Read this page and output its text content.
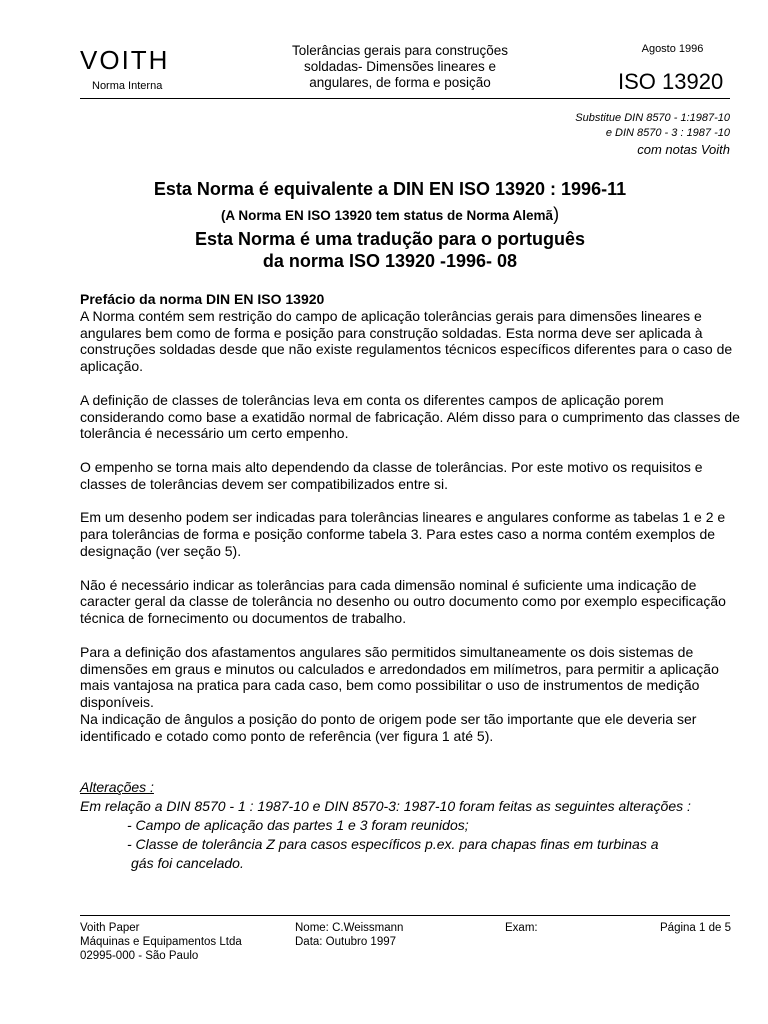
VOITH
Norma Interna
Tolerâncias gerais para construções
soldadas- Dimensões lineares e
angulares, de forma e posição
Agosto 1996
ISO 13920
Substitue DIN 8570 - 1:1987-10
e DIN 8570 - 3 : 1987 -10
com notas Voith
Esta Norma é equivalente a DIN EN ISO 13920 : 1996-11
(A Norma EN ISO 13920 tem status de Norma Alemã)
Esta Norma é uma tradução para o português
da norma ISO 13920 -1996- 08
Prefácio da norma DIN EN ISO 13920

A Norma contém sem restrição do campo de aplicação tolerâncias gerais para dimensões lineares e angulares bem como de forma e posição para construção soldadas. Esta norma deve ser aplicada à construções soldadas desde que não existe regulamentos técnicos específicos diferentes para o caso de aplicação.

A definição de classes de tolerâncias leva em conta os diferentes campos de aplicação porem considerando como base a exatidão normal de fabricação. Além disso para o cumprimento das classes de tolerância é necessário um certo empenho.

O empenho se torna mais alto dependendo da classe de tolerâncias. Por este motivo os requisitos e classes de tolerâncias devem ser compatibilizados entre si.

Em um desenho podem ser indicadas para tolerâncias lineares e angulares conforme as tabelas 1 e 2 e para tolerâncias de forma e posição conforme tabela 3. Para estes caso a norma contém exemplos de designação (ver seção 5).

Não é necessário indicar as tolerâncias para cada dimensão nominal é suficiente uma indicação de caracter geral da classe de tolerância no desenho ou outro documento como por exemplo especificação técnica de fornecimento ou documentos de trabalho.

Para a definição dos afastamentos angulares são permitidos simultaneamente os dois sistemas de dimensões em graus e minutos ou calculados e arredondados em milímetros, para permitir a aplicação mais vantajosa na pratica para cada caso, bem como possibilitar o uso de instrumentos de medição disponíveis.

Na indicação de ângulos a posição do ponto de origem pode ser tão importante que ele deveria ser identificado e cotado como ponto de referência (ver figura 1 até 5).

Alterações :
Em relação a DIN 8570 - 1 : 1987-10 e DIN 8570-3: 1987-10 foram feitas as seguintes alterações :
- Campo de aplicação das partes 1 e 3 foram reunidos;
- Classe de tolerância Z para casos específicos p.ex. para chapas finas em turbinas a
gás foi cancelado.
Voith Paper
Máquinas e Equipamentos Ltda
02995-000 - São Paulo
Nome: C.Weissmann
Data: Outubro 1997
Exam:	Página 1 de 5
